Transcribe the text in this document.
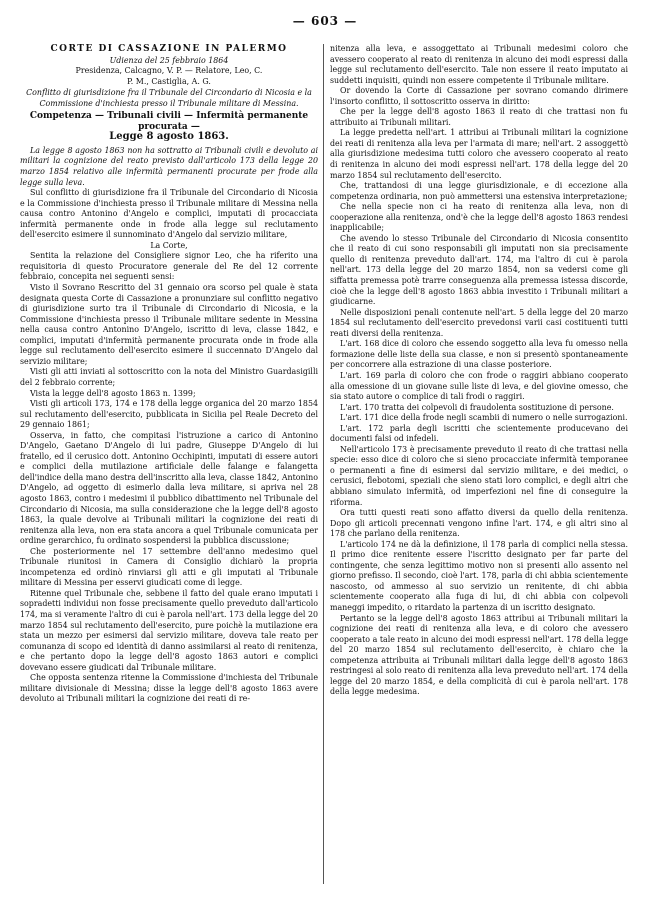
— 603 —
CORTE DI CASSAZIONE IN PALERMO
Udienza del 25 febbraio 1864
Presidenza, Calcagno, V. P. — Relatore, Leo, C.
P. M., Castiglia, A. G.
Conflitto di giurisdizione fra il Tribunale del Circondario di Nicosia e la Commissione d'inchiesta presso il Tribunale militare di Messina.
Competenza — Tribunali civili — Infermità permanente procurata —
Legge 8 agosto 1863.

La legge 8 agosto 1863 non ha sottratto ai Tribunali civili e devoluto ai militari la cognizione del reato previsto dall'articolo 173 della legge 20 marzo 1854 relativo alle infermità permanenti procurate per frode alla legge sulla leva.

Sul conflitto di giurisdizione fra il Tribunale del Circondario di Nicosia e la Commissione d'inchiesta presso il Tribunale militare di Messina nella causa contro Antonino d'Angelo e complici, imputati di procacciata infermità permanente onde in frode alla legge sul reclutamento dell'esercito esimere il sunnominato d'Angelo dal servizio militare,

La Corte,

Sentita la relazione del Consigliere signor Leo, che ha riferito una requisitoria di questo Procuratore generale del Re del 12 corrente febbraio, concepita nei seguenti sensi:

Visto il Sovrano Rescritto del 31 gennaio ora scorso pel quale è stata designata questa Corte di Cassazione a pronunziare sul conflitto negativo di giurisdizione surto tra il Tribunale di Circondario di Nicosia, e la Commissione d'inchiesta presso il Tribunale militare sedente in Messina nella causa contro Antonino D'Angelo, iscritto di leva, classe 1842, e complici, imputati d'infermità permanente procurata onde in frode alla legge sul reclutamento dell'esercito esimere il succennato D'Angelo dal servizio militare;

Visti gli atti inviati al sottoscritto con la nota del Ministro Guardasigilli del 2 febbraio corrente;

Vista la legge dell'8 agosto 1863 n. 1399;

Visti gli articoli 173, 174 e 178 della legge organica del 20 marzo 1854 sul reclutamento dell'esercito, pubblicata in Sicilia pel Reale Decreto del 29 gennaio 1861;

Osserva, in fatto, che compitasi l'istruzione a carico di Antonino D'Angelo, Gaetano D'Angelo di lui padre, Giuseppe D'Angelo di lui fratello, ed il cerusico dott. Antonino Occhipinti, imputati di essere autori e complici della mutilazione artificiale delle falange e falangetta dell'indice della mano destra dell'inscritto alla leva, classe 1842, Antonino D'Angelo, ad oggetto di esimerlo dalla leva militare, si apriva nel 28 agosto 1863, contro i medesimi il pubblico dibattimento nel Tribunale del Circondario di Nicosia, ma sulla considerazione che la legge dell'8 agosto 1863, la quale devolve ai Tribunali militari la cognizione dei reati di renitenza alla leva, non era stata ancora a quel Tribunale comunicata per ordine gerarchico, fu ordinato sospendersi la pubblica discussione;

Che posteriormente nel 17 settembre dell'anno medesimo quel Tribunale riunitosi in Camera di Consiglio dichiarò la propria incompetenza ed ordinò rinviarsi gli atti e gli imputati al Tribunale militare di Messina per esservi giudicati come di legge.

Ritenne quel Tribunale che, sebbene il fatto del quale erano imputati i sopradetti individui non fosse precisamente quello preveduto dall'articolo 174, ma si veramente l'altro di cui è parola nell'art. 173 della legge del 20 marzo 1854 sul reclutamento dell'esercito, pure poichè la mutilazione era stata un mezzo per esimersi dal servizio militare, doveva tale reato per comunanza di scopo ed identità di danno assimilarsi al reato di renitenza, e che pertanto dopo la legge dell'8 agosto 1863 autori e complici dovevano essere giudicati dal Tribunale militare.

Che opposta sentenza ritenne la Commissione d'inchiesta del Tribunale militare divisionale di Messina; disse la legge dell'8 agosto 1863 avere devoluto ai Tribunali militari la cognizione dei reati di re-

nitenza alla leva, e assoggettato ai Tribunali medesimi coloro che avessero cooperato al reato di renitenza in alcuno dei modi espressi dalla legge sul reclutamento dell'esercito. Tale non essere il reato imputato ai suddetti inquisiti, quindi non essere competente il Tribunale militare.

Or dovendo la Corte di Cassazione per sovrano comando dirimere l'insorto conflitto, il sottoscritto osserva in diritto:

Che per la legge dell'8 agosto 1863 il reato di che trattasi non fu attribuito ai Tribunali militari.

La legge predetta nell'art. 1 attribui ai Tribunali militari la cognizione dei reati di renitenza alla leva per l'armata di mare; nell'art. 2 assoggettò alla giurisdizione medesima tutti coloro che avessero cooperato al reato di renitenza in alcuno dei modi espressi nell'art. 178 della legge del 20 marzo 1854 sul reclutamento dell'esercito.

Che, trattandosi di una legge giurisdizionale, e di eccezione alla competenza ordinaria, non può ammettersi una estensiva interpretazione;

Che nella specie non ci ha reato di renitenza alla leva, non di cooperazione alla renitenza, ond'è che la legge dell'8 agosto 1863 rendesi inapplicabile;

Che avendo lo stesso Tribunale del Circondario di Nicosia consentito che il reato di cui sono responsabili gli imputati non sia precisamente quello di renitenza preveduto dall'art. 174, ma l'altro di cui è parola nell'art. 173 della legge del 20 marzo 1854, non sa vedersi come gli siffatta premessa potè trarre conseguenza alla premessa istessa discorde, cioè che la legge dell'8 agosto 1863 abbia investito i Tribunali militari a giudicarne.

Nelle disposizioni penali contenute nell'art. 5 della legge del 20 marzo 1854 sul reclutamento dell'esercito prevedonsi varii casi costituenti tutti reati diversi della renitenza.

L'art. 168 dice di coloro che essendo soggetto alla leva fu omesso nella formazione delle liste della sua classe, e non si presentò spontaneamente per concorrere alla estrazione di una classe posteriore.

L'art. 169 parla di coloro che con frode o raggiri abbiano cooperato alla omessione di un giovane sulle liste di leva, e del giovine omesso, che sia stato autore o complice di tali frodi o raggiri.

L'art. 170 tratta dei colpevoli di fraudolenta sostituzione di persone.

L'art. 171 dice della frode negli scambii di numero o nelle surrogazioni.

L'art. 172 parla degli iscritti che scientemente producevano dei documenti falsi od infedeli.

Nell'articolo 173 è precisamente preveduto il reato di che trattasi nella specie: esso dice di coloro che si sieno procacciate infermità temporanee o permanenti a fine di esimersi dal servizio militare, e dei medici, o cerusici, flebotomi, speziali che sieno stati loro complici, e degli altri che abbiano simulato infermità, od imperfezioni nel fine di conseguire la riforma.

Ora tutti questi reati sono affatto diversi da quello della renitenza. Dopo gli articoli precennati vengono infine l'art. 174, e gli altri sino al 178 che parlano della renitenza.

L'articolo 174 ne dà la definizione, il 178 parla di complici nella stessa. Il primo dice renitente essere l'iscritto designato per far parte del contingente, che senza legittimo motivo non si presenti allo assento nel giorno prefisso. Il secondo, cioè l'art. 178, parla di chi abbia scientemente nascosto, od ammesso al suo servizio un renitente, di chi abbia scientemente cooperato alla fuga di lui, di chi abbia con colpevoli maneggi impedito, o ritardato la partenza di un iscritto designato.

Pertanto se la legge dell'8 agosto 1863 attribui ai Tribunali militari la cognizione dei reati di renitenza alla leva, e di coloro che avessero cooperato a tale reato in alcuno dei modi espressi nell'art. 178 della legge del 20 marzo 1854 sul reclutamento dell'esercito, è chiaro che la competenza attribuita ai Tribunali militari dalla legge dell'8 agosto 1863 restringesi al solo reato di renitenza alla leva preveduto nell'art. 174 della legge del 20 marzo 1854, e della complicità di cui è parola nell'art. 178 della legge medesima.
